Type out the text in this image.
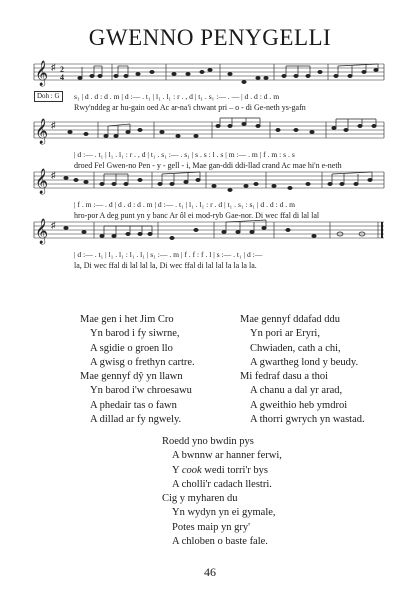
GWENNO PENYGELLI
𝄞 ♯ 2
4
Doh : G	s₁ | d . d : d . m | d :— . t₁ | l₁ . l₁ : r . , d | t₁ . s₁ :— . — | d . d : d . m
Rwy'nddeg ar hu-gain oed Ac ar-na'i chwant pri – o - di Ge-neth ys-gafn
𝄞 ♯
| d :— . t₁ | l₁ . l₁ : r . , d | t₁ . s₁ :— . s₁ | s . s : l . s | m :— . m | f . m : s . s
droed Fel Gwen-no Pen - y - gell - i, Mae gan-ddi ddi-llad crand Ac mae hi'n e-neth
𝄞 ♯
| f . m :— . d | d . d : d . m | d :— . t₁ | l₁ . l₁ : r . d | t₁ . s₁ : s₁ | d . d : d . m
hro-por A deg punt yn y banc Ar ôl ei mod-ryb Gae-nor. Di wec ffal di lal lal
𝄞 ♯
| d :— . t₁ | l₁ . l₁ : l₁ . l₁ | s₁ :— . m | f . f : f . l | s :— . t₁ | d :—
la, Di wec ffal di lal lal la, Di wec ffal di lal lal la la la la.
Mae gen i het Jim Cro
Yn barod i fy siwrne,
A sgidie o groen llo
A gwisg o frethyn cartre.
Mae gennyf dŷ yn llawn
Yn barod i'w chroesawu
A phedair tas o fawn
A dillad ar fy ngwely.
Mae gennyf ddafad ddu
Yn pori ar Eryri,
Chwiaden, cath a chi,
A gwartheg lond y beudy.
Mi fedraf dasu a thoi
A chanu a dal yr arad,
A gweithio heb ymdroi
A thorri gwrych yn wastad.
Roedd yno bwdin pys
A bwnnw ar hanner ferwi,
Y cook wedi torri'r bys
A cholli'r cadach llestri.
Cig y myharen du
Yn wydyn yn ei gymale,
Potes maip yn gry'
A chloben o baste fale.
46
